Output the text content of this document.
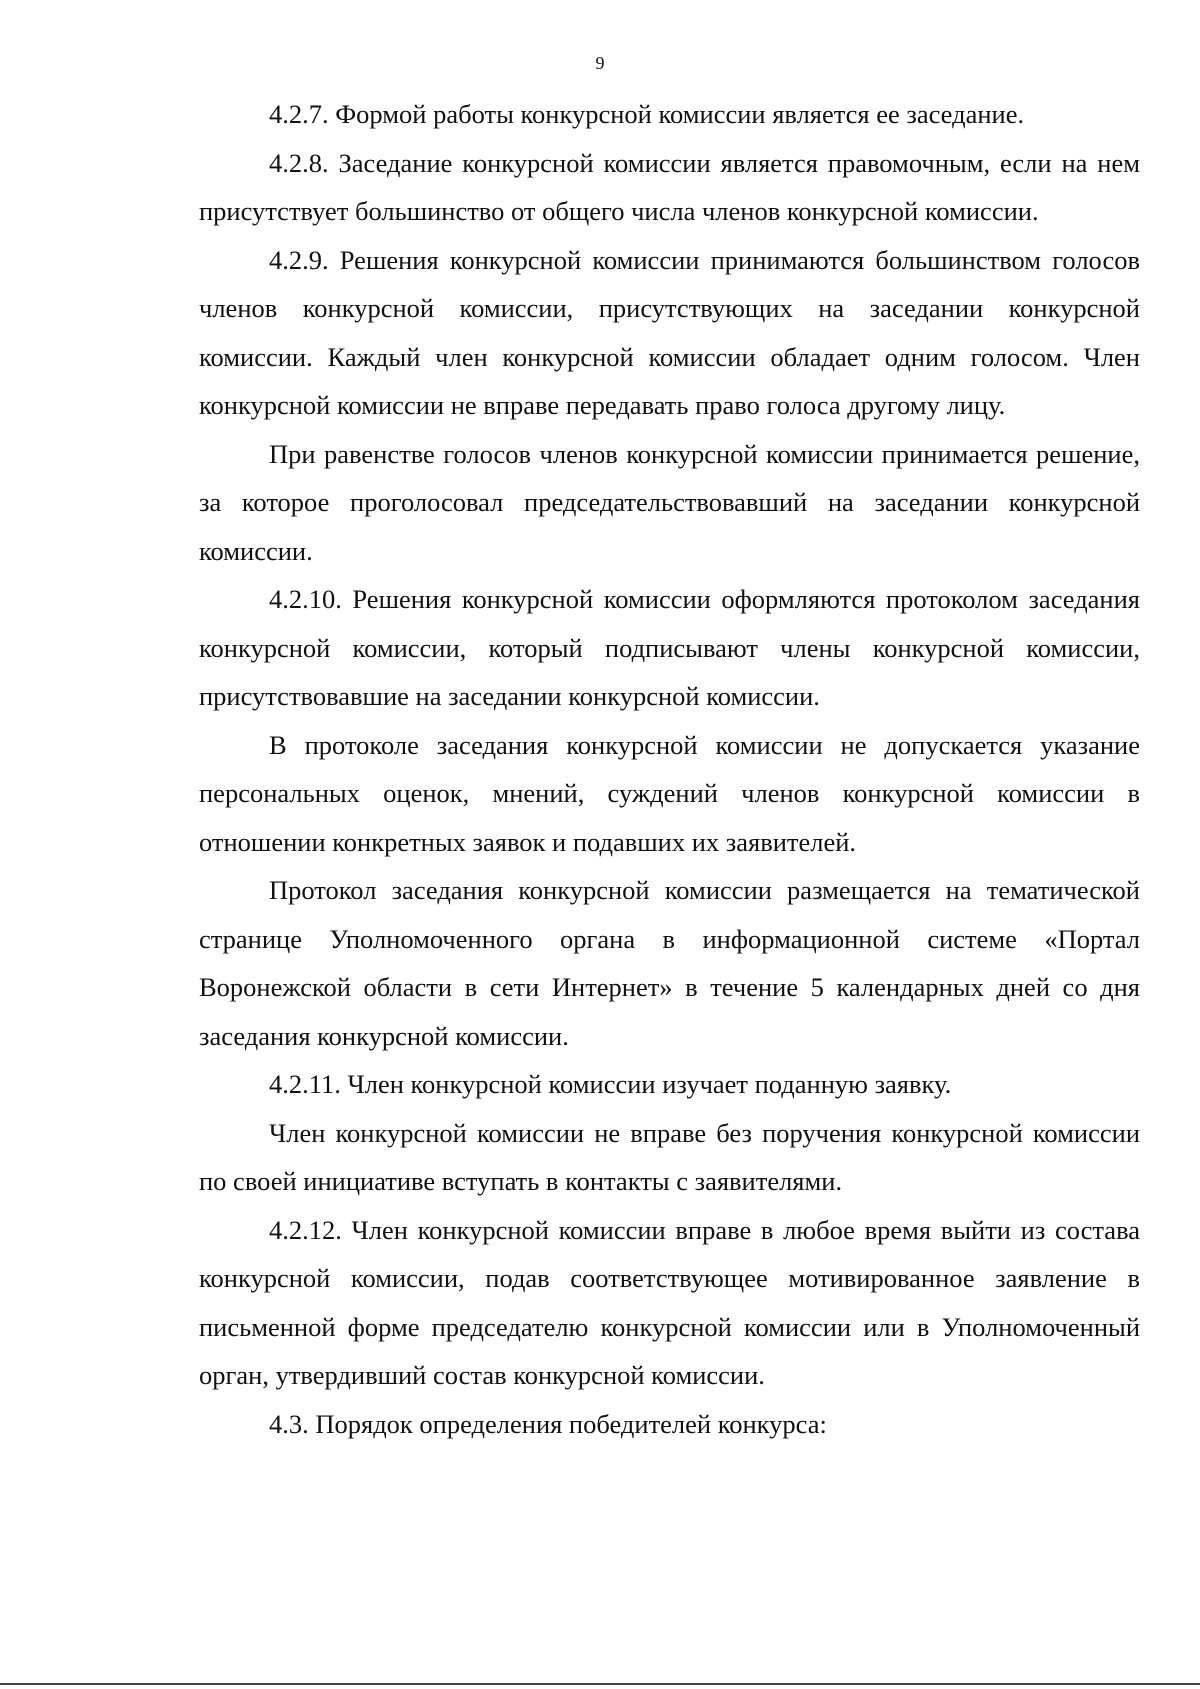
9

4.2.7. Формой работы конкурсной комиссии является ее заседание.

4.2.8. Заседание конкурсной комиссии является правомочным, если на нем присутствует большинство от общего числа членов конкурсной комиссии.

4.2.9. Решения конкурсной комиссии принимаются большинством голосов членов конкурсной комиссии, присутствующих на заседании конкурсной комиссии. Каждый член конкурсной комиссии обладает одним голосом. Член конкурсной комиссии не вправе передавать право голоса другому лицу.

При равенстве голосов членов конкурсной комиссии принимается решение, за которое проголосовал председательствовавший на заседании конкурсной комиссии.

4.2.10. Решения конкурсной комиссии оформляются протоколом заседания конкурсной комиссии, который подписывают члены конкурсной комиссии, присутствовавшие на заседании конкурсной комиссии.

В протоколе заседания конкурсной комиссии не допускается указание персональных оценок, мнений, суждений членов конкурсной комиссии в отношении конкретных заявок и подавших их заявителей.

Протокол заседания конкурсной комиссии размещается на тематической странице Уполномоченного органа в информационной системе «Портал Воронежской области в сети Интернет» в течение 5 календарных дней со дня заседания конкурсной комиссии.

4.2.11. Член конкурсной комиссии изучает поданную заявку.

Член конкурсной комиссии не вправе без поручения конкурсной комиссии по своей инициативе вступать в контакты с заявителями.

4.2.12. Член конкурсной комиссии вправе в любое время выйти из состава конкурсной комиссии, подав соответствующее мотивированное заявление в письменной форме председателю конкурсной комиссии или в Уполномоченный орган, утвердивший состав конкурсной комиссии.

4.3. Порядок определения победителей конкурса:
